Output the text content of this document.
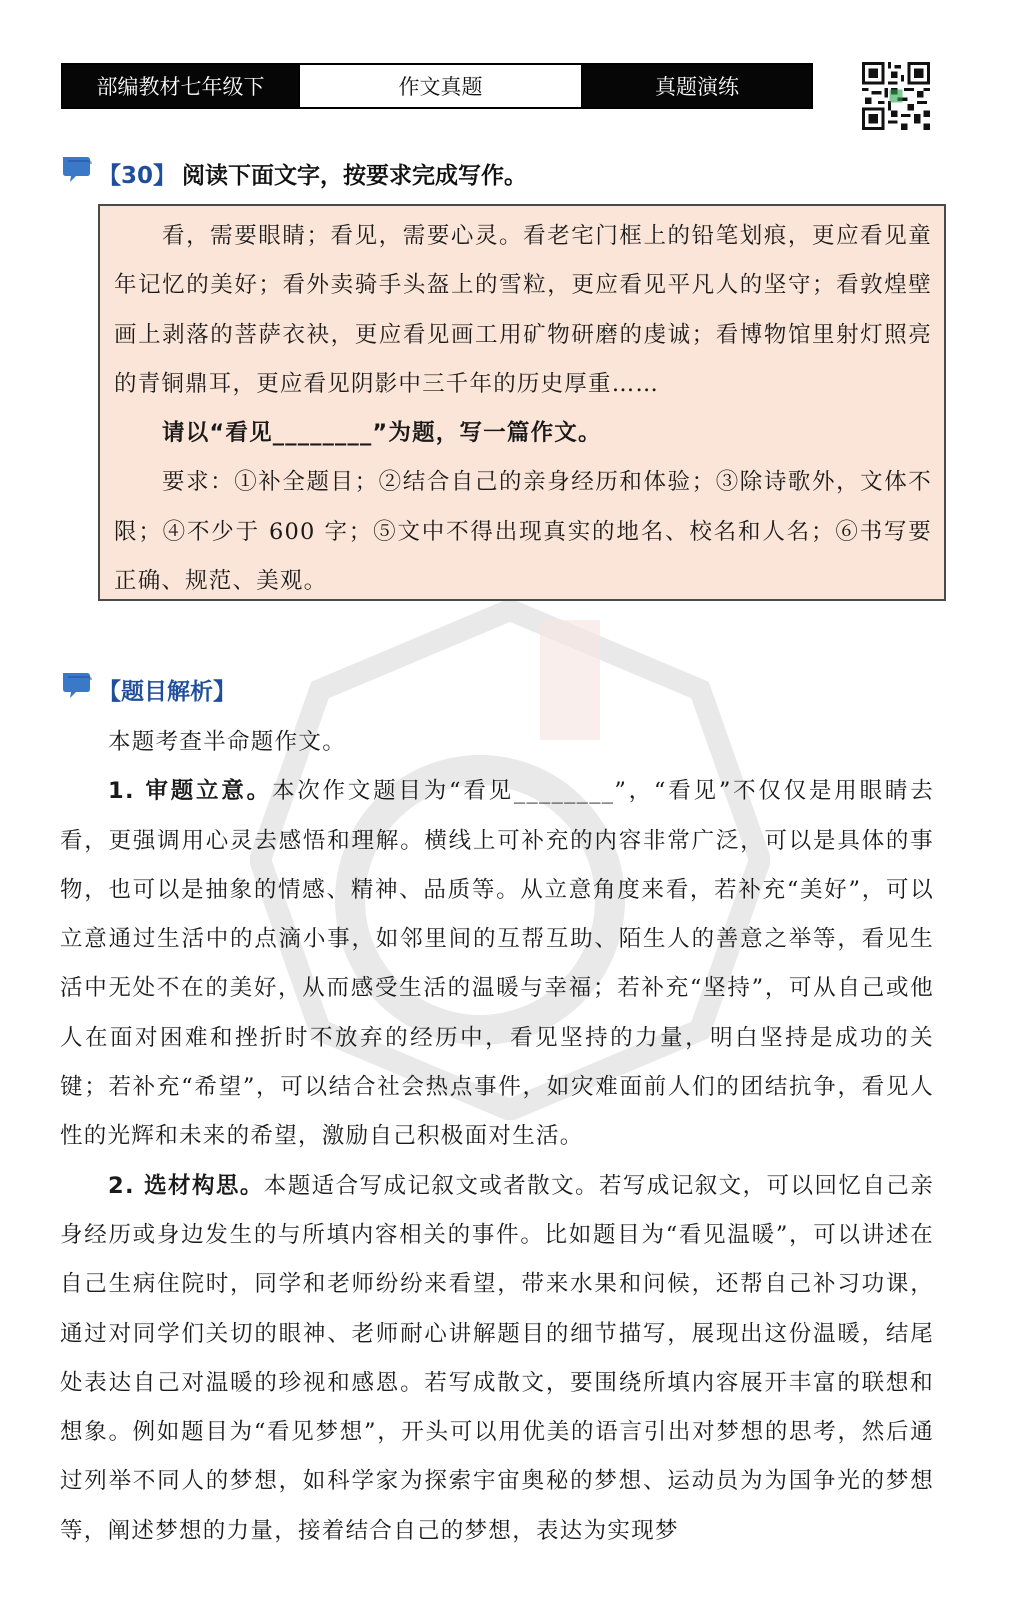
部编教材七年级下	作文真题	真题演练
【30】 阅读下面文字，按要求完成写作。

看，需要眼睛；看见，需要心灵。看老宅门框上的铅笔划痕，更应看见童年记忆的美好；看外卖骑手头盔上的雪粒，更应看见平凡人的坚守；看敦煌壁画上剥落的菩萨衣袂，更应看见画工用矿物研磨的虔诚；看博物馆里射灯照亮的青铜鼎耳，更应看见阴影中三千年的历史厚重……

请以“看见________”为题，写一篇作文。

要求：①补全题目；②结合自己的亲身经历和体验；③除诗歌外，文体不限；④不少于 600 字；⑤文中不得出现真实的地名、校名和人名；⑥书写要正确、规范、美观。

【题目解析】

本题考查半命题作文。

1. 审题立意。本次作文题目为“看见________”，“看见”不仅仅是用眼睛去看，更强调用心灵去感悟和理解。横线上可补充的内容非常广泛，可以是具体的事物，也可以是抽象的情感、精神、品质等。从立意角度来看，若补充“美好”，可以立意通过生活中的点滴小事，如邻里间的互帮互助、陌生人的善意之举等，看见生活中无处不在的美好，从而感受生活的温暖与幸福；若补充“坚持”，可从自己或他人在面对困难和挫折时不放弃的经历中，看见坚持的力量，明白坚持是成功的关键；若补充“希望”，可以结合社会热点事件，如灾难面前人们的团结抗争，看见人性的光辉和未来的希望，激励自己积极面对生活。

2. 选材构思。本题适合写成记叙文或者散文。若写成记叙文，可以回忆自己亲身经历或身边发生的与所填内容相关的事件。比如题目为“看见温暖”，可以讲述在自己生病住院时，同学和老师纷纷来看望，带来水果和问候，还帮自己补习功课，通过对同学们关切的眼神、老师耐心讲解题目的细节描写，展现出这份温暖，结尾处表达自己对温暖的珍视和感恩。若写成散文，要围绕所填内容展开丰富的联想和想象。例如题目为“看见梦想”，开头可以用优美的语言引出对梦想的思考，然后通过列举不同人的梦想，如科学家为探索宇宙奥秘的梦想、运动员为为国争光的梦想等，阐述梦想的力量，接着结合自己的梦想，表达为实现梦
